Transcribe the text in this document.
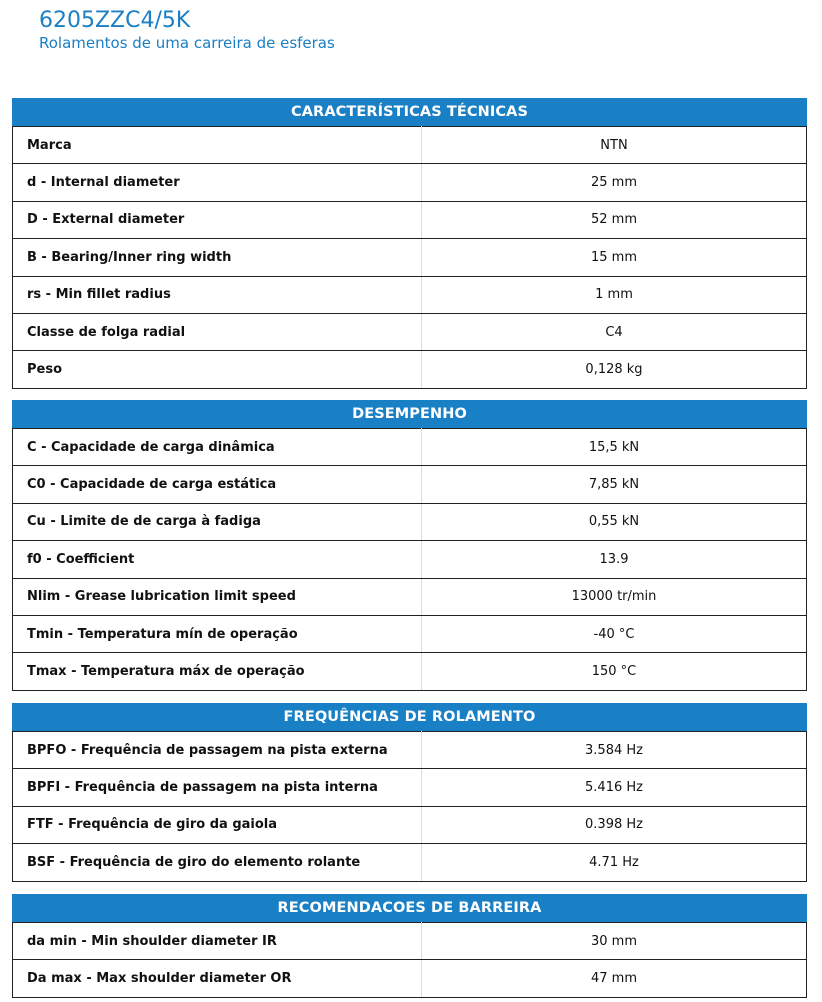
6205ZZC4/5K

Rolamentos de uma carreira de esferas

CARACTERÍSTICAS TÉCNICAS
Marca	NTN
d - Internal diameter	25 mm
D - External diameter	52 mm
B - Bearing/Inner ring width	15 mm
rs - Min fillet radius	1 mm
Classe de folga radial	C4
Peso	0,128 kg
DESEMPENHO
C - Capacidade de carga dinâmica	15,5 kN
C0 - Capacidade de carga estática	7,85 kN
Cu - Limite de de carga à fadiga	0,55 kN
f0 - Coefficient	13.9
Nlim - Grease lubrication limit speed	13000 tr/min
Tmin - Temperatura mín de operação	-40 °C
Tmax - Temperatura máx de operação	150 °C
FREQUÊNCIAS DE ROLAMENTO
BPFO - Frequência de passagem na pista externa	3.584 Hz
BPFI - Frequência de passagem na pista interna	5.416 Hz
FTF - Frequência de giro da gaiola	0.398 Hz
BSF - Frequência de giro do elemento rolante	4.71 Hz
RECOMENDACOES DE BARREIRA
da min - Min shoulder diameter IR	30 mm
Da max - Max shoulder diameter OR	47 mm
